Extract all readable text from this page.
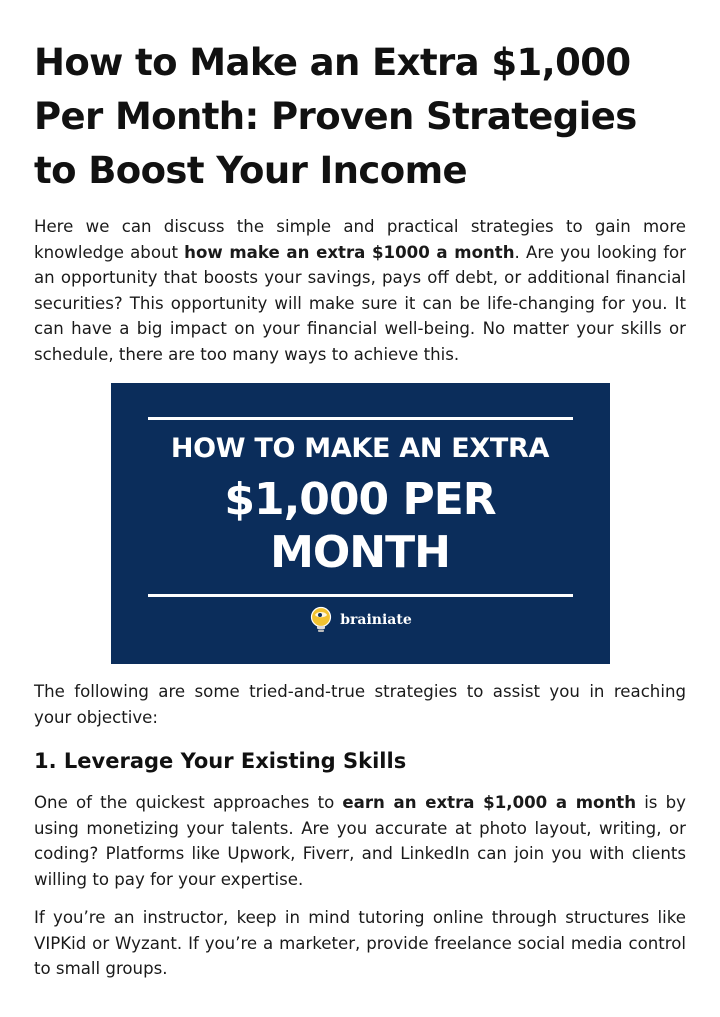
How to Make an Extra $1,000 Per Month: Proven Strategies to Boost Your Income

Here we can discuss the simple and practical strategies to gain more knowledge about how make an extra $1000 a month. Are you looking for an opportunity that boosts your savings, pays off debt, or additional financial securities? This opportunity will make sure it can be life-changing for you. It can have a big impact on your financial well-being. No matter your skills or schedule, there are too many ways to achieve this.

HOW TO MAKE AN EXTRA
$1,000 PER
MONTH
brainiate

The following are some tried-and-true strategies to assist you in reaching your objective:

1. Leverage Your Existing Skills

One of the quickest approaches to earn an extra $1,000 a month is by using monetizing your talents. Are you accurate at photo layout, writing, or coding? Platforms like Upwork, Fiverr, and LinkedIn can join you with clients willing to pay for your expertise.

If you’re an instructor, keep in mind tutoring online through structures like VIPKid or Wyzant. If you’re a marketer, provide freelance social media control to small groups.
